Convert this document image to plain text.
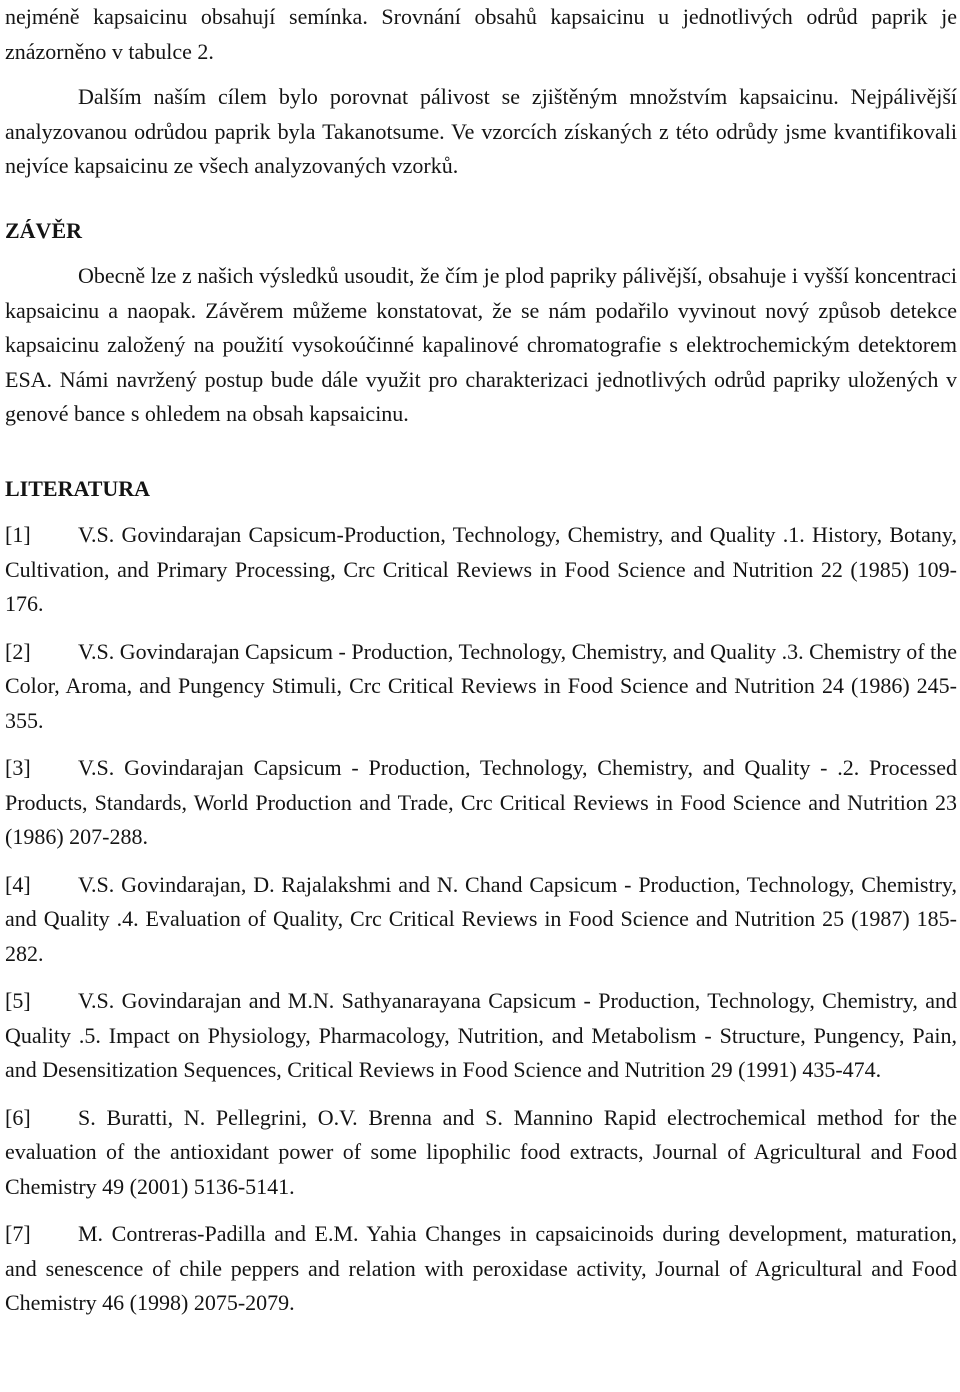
nejméně kapsaicinu obsahují semínka. Srovnání obsahů kapsaicinu u jednotlivých odrůd paprik je znázorněno v tabulce 2.

Dalším naším cílem bylo porovnat pálivost se zjištěným množstvím kapsaicinu. Nejpálivější analyzovanou odrůdou paprik byla Takanotsume. Ve vzorcích získaných z této odrůdy jsme kvantifikovali nejvíce kapsaicinu ze všech analyzovaných vzorků.

ZÁVĚR

Obecně lze z našich výsledků usoudit, že čím je plod papriky pálivější, obsahuje i vyšší koncentraci kapsaicinu a naopak. Závěrem můžeme konstatovat, že se nám podařilo vyvinout nový způsob detekce kapsaicinu založený na použití vysokoúčinné kapalinové chromatografie s elektrochemickým detektorem ESA. Námi navržený postup bude dále využit pro charakterizaci jednotlivých odrůd papriky uložených v genové bance s ohledem na obsah kapsaicinu.

LITERATURA

[1] V.S. Govindarajan Capsicum-Production, Technology, Chemistry, and Quality .1. History, Botany, Cultivation, and Primary Processing, Crc Critical Reviews in Food Science and Nutrition 22 (1985) 109-176.

[2] V.S. Govindarajan Capsicum - Production, Technology, Chemistry, and Quality .3. Chemistry of the Color, Aroma, and Pungency Stimuli, Crc Critical Reviews in Food Science and Nutrition 24 (1986) 245-355.

[3] V.S. Govindarajan Capsicum - Production, Technology, Chemistry, and Quality - .2. Processed Products, Standards, World Production and Trade, Crc Critical Reviews in Food Science and Nutrition 23 (1986) 207-288.

[4] V.S. Govindarajan, D. Rajalakshmi and N. Chand Capsicum - Production, Technology, Chemistry, and Quality .4. Evaluation of Quality, Crc Critical Reviews in Food Science and Nutrition 25 (1987) 185-282.

[5] V.S. Govindarajan and M.N. Sathyanarayana Capsicum - Production, Technology, Chemistry, and Quality .5. Impact on Physiology, Pharmacology, Nutrition, and Metabolism - Structure, Pungency, Pain, and Desensitization Sequences, Critical Reviews in Food Science and Nutrition 29 (1991) 435-474.

[6] S. Buratti, N. Pellegrini, O.V. Brenna and S. Mannino Rapid electrochemical method for the evaluation of the antioxidant power of some lipophilic food extracts, Journal of Agricultural and Food Chemistry 49 (2001) 5136-5141.

[7] M. Contreras-Padilla and E.M. Yahia Changes in capsaicinoids during development, maturation, and senescence of chile peppers and relation with peroxidase activity, Journal of Agricultural and Food Chemistry 46 (1998) 2075-2079.
